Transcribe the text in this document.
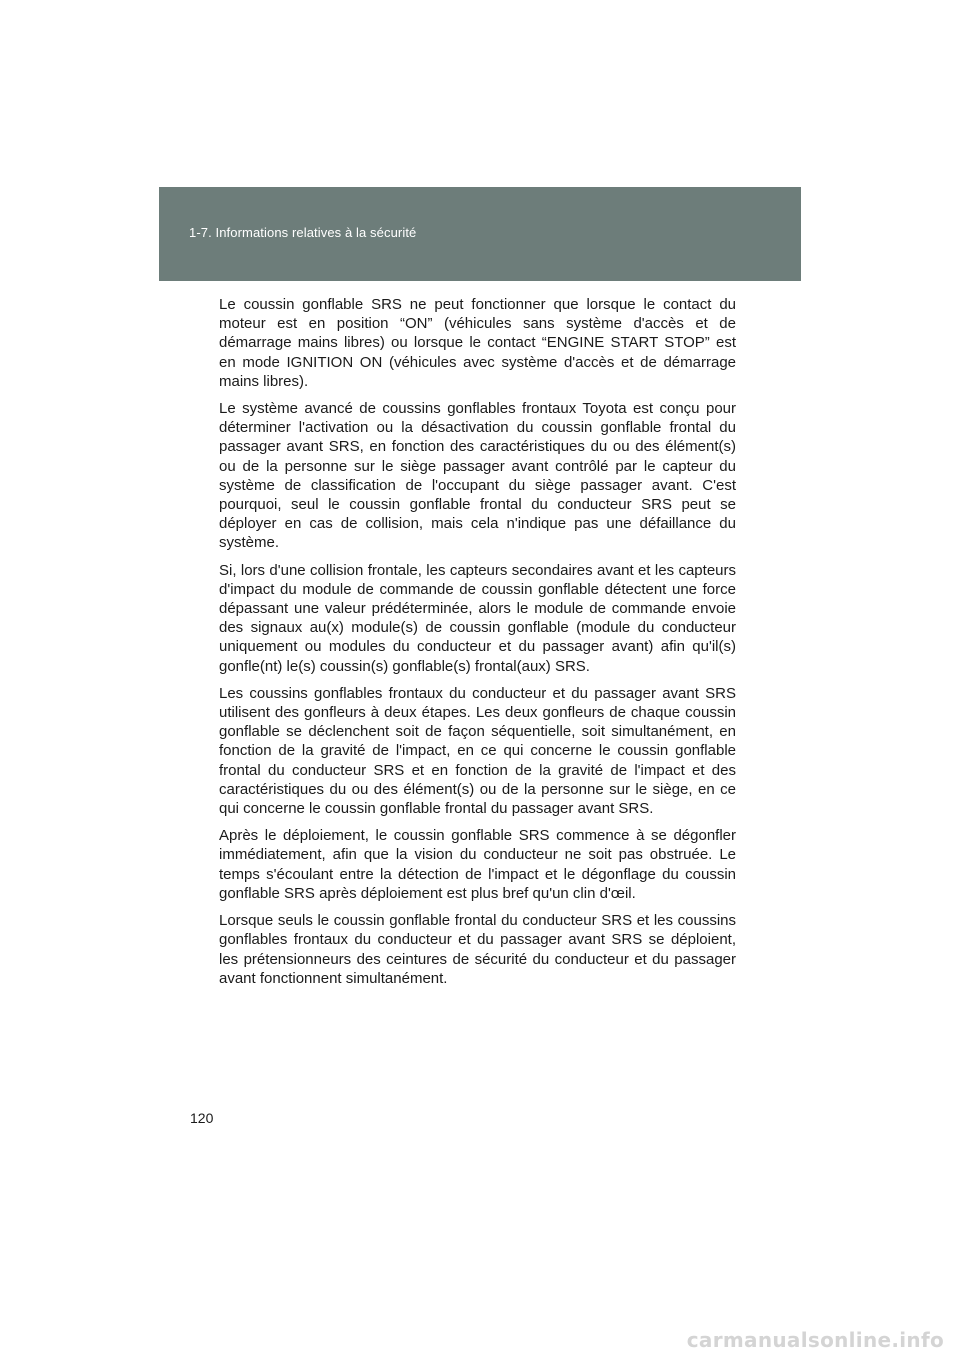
1-7. Informations relatives à la sécurité

Le coussin gonflable SRS ne peut fonctionner que lorsque le contact du moteur est en position “ON” (véhicules sans système d'accès et de démarrage mains libres) ou lorsque le contact “ENGINE START STOP” est en mode IGNITION ON (véhicules avec système d'accès et de démarrage mains libres).

Le système avancé de coussins gonflables frontaux Toyota est conçu pour déterminer l'activation ou la désactivation du coussin gonflable frontal du passager avant SRS, en fonction des caractéristiques du ou des élément(s) ou de la personne sur le siège passager avant contrôlé par le capteur du système de classification de l'occupant du siège passager avant. C'est pourquoi, seul le coussin gonflable frontal du conducteur SRS peut se déployer en cas de collision, mais cela n'indique pas une défaillance du système.

Si, lors d'une collision frontale, les capteurs secondaires avant et les capteurs d'impact du module de commande de coussin gonflable détectent une force dépassant une valeur prédéterminée, alors le module de commande envoie des signaux au(x) module(s) de coussin gonflable (module du conducteur uniquement ou modules du conducteur et du passager avant) afin qu'il(s) gonfle(nt) le(s) coussin(s) gonflable(s) frontal(aux) SRS.

Les coussins gonflables frontaux du conducteur et du passager avant SRS utilisent des gonfleurs à deux étapes. Les deux gonfleurs de chaque coussin gonflable se déclenchent soit de façon séquentielle, soit simultanément, en fonction de la gravité de l'impact, en ce qui concerne le coussin gonflable frontal du conducteur SRS et en fonction de la gravité de l'impact et des caractéristiques du ou des élément(s) ou de la personne sur le siège, en ce qui concerne le coussin gonflable frontal du passager avant SRS.

Après le déploiement, le coussin gonflable SRS commence à se dégonfler immédiatement, afin que la vision du conducteur ne soit pas obstruée. Le temps s'écoulant entre la détection de l'impact et le dégonflage du coussin gonflable SRS après déploiement est plus bref qu'un clin d'œil.

Lorsque seuls le coussin gonflable frontal du conducteur SRS et les coussins gonflables frontaux du conducteur et du passager avant SRS se déploient, les prétensionneurs des ceintures de sécurité du conducteur et du passager avant fonctionnent simultanément.

120
carmanualsonline.info
